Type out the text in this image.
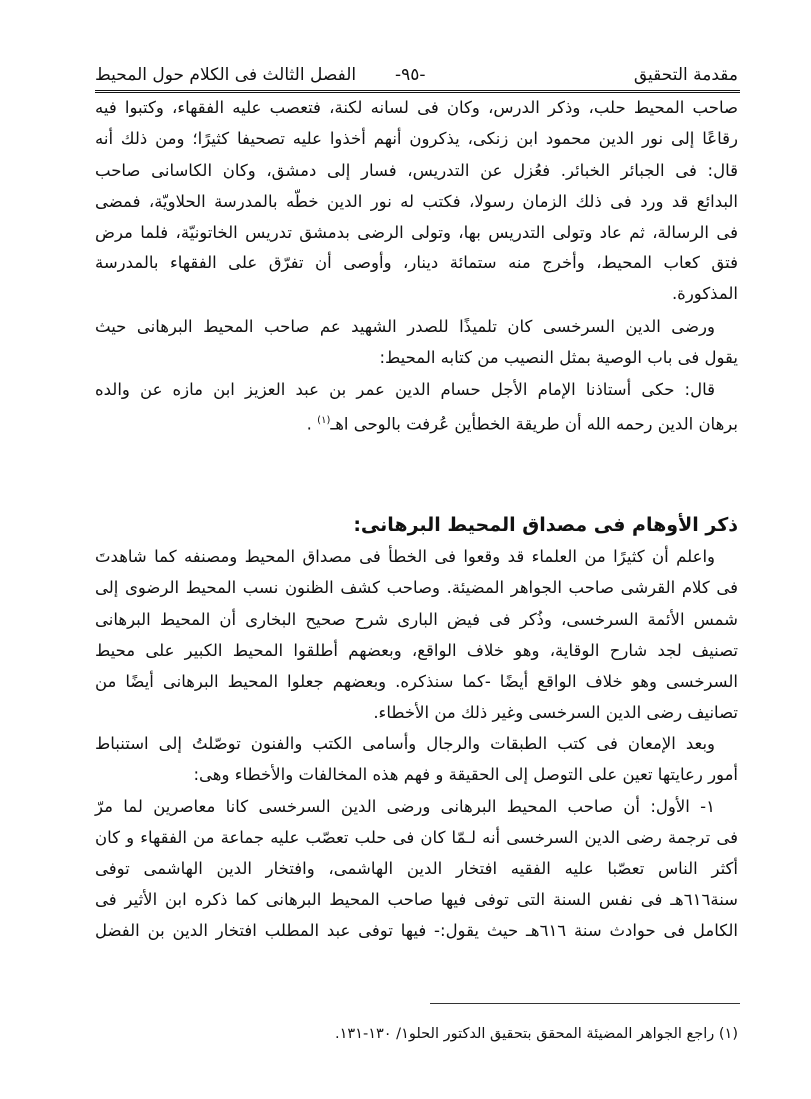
مقدمة التحقيق
-٩٥-
الفصل الثالث فى الكلام حول المحيط
صاحب المحيط حلب، وذكر الدرس، وكان فى لسانه لكنة، فتعصب عليه الفقهاء، وكتبوا فيه
رقاعًا إلى نور الدين محمود ابن زنكى، يذكرون أنهم أخذوا عليه تصحيفا كثيرًا؛ ومن ذلك أنه
قال: فى الجبائر الخبائر. فعُزل عن التدريس، فسار إلى دمشق، وكان الكاسانى صاحب
البدائع قد ورد فى ذلك الزمان رسولا، فكتب له نور الدين خطّه بالمدرسة الحلاويّة، فمضى
فى الرسالة، ثم عاد وتولى التدريس بها، وتولى الرضى بدمشق تدريس الخاتونيّة، فلما مرض
فتق كعاب المحيط، وأخرج منه ستمائة دينار، وأوصى أن تفرّق على الفقهاء بالمدرسة
المذكورة.
ورضى الدين السرخسى كان تلميذًا للصدر الشهيد عم صاحب المحيط البرهانى حيث
يقول فى باب الوصية بمثل النصيب من كتابه المحيط:
قال: حكى أستاذنا الإمام الأجل حسام الدين عمر بن عبد العزيز ابن مازه عن والده
برهان الدين رحمه الله أن طريقة الخطأين عُرفت بالوحى اهـ$^{(١)}$ .
ذكر الأوهام فى مصداق المحيط البرهانى:
واعلم أن كثيرًا من العلماء قد وقعوا فى الخطأ فى مصداق المحيط ومصنفه كما شاهدتَ
فى كلام القرشى صاحب الجواهر المضيئة. وصاحب كشف الظنون نسب المحيط الرضوى إلى
شمس الأئمة السرخسى، وذُكر فى فيض البارى شرح صحيح البخارى أن المحيط البرهانى
تصنيف لجد شارح الوقاية، وهو خلاف الواقع، وبعضهم أطلقوا المحيط الكبير على محيط
السرخسى وهو خلاف الواقع أيضًا -كما سنذكره. وبعضهم جعلوا المحيط البرهانى أيضًا من
تصانيف رضى الدين السرخسى وغير ذلك من الأخطاء.
وبعد الإمعان فى كتب الطبقات والرجال وأسامى الكتب والفنون توصّلتُ إلى استنباط
أمور رعايتها تعين على التوصل إلى الحقيقة و فهم هذه المخالفات والأخطاء وهى:
١- الأول: أن صاحب المحيط البرهانى ورضى الدين السرخسى كانا معاصرين لما مرّ
فى ترجمة رضى الدين السرخسى أنه لـمّا كان فى حلب تعصّب عليه جماعة من الفقهاء و كان
أكثر الناس تعصّبا عليه الفقيه افتخار الدين الهاشمى، وافتخار الدين الهاشمى توفى
سنة٦١٦هـ فى نفس السنة التى توفى فيها صاحب المحيط البرهانى كما ذكره ابن الأثير فى
الكامل فى حوادث سنة ٦١٦هـ حيث يقول:- فيها توفى عبد المطلب افتخار الدين بن الفضل
(١) راجع الجواهر المضيئة المحقق بتحقيق الدكتور الحلو١/ ١٣٠-١٣١.
